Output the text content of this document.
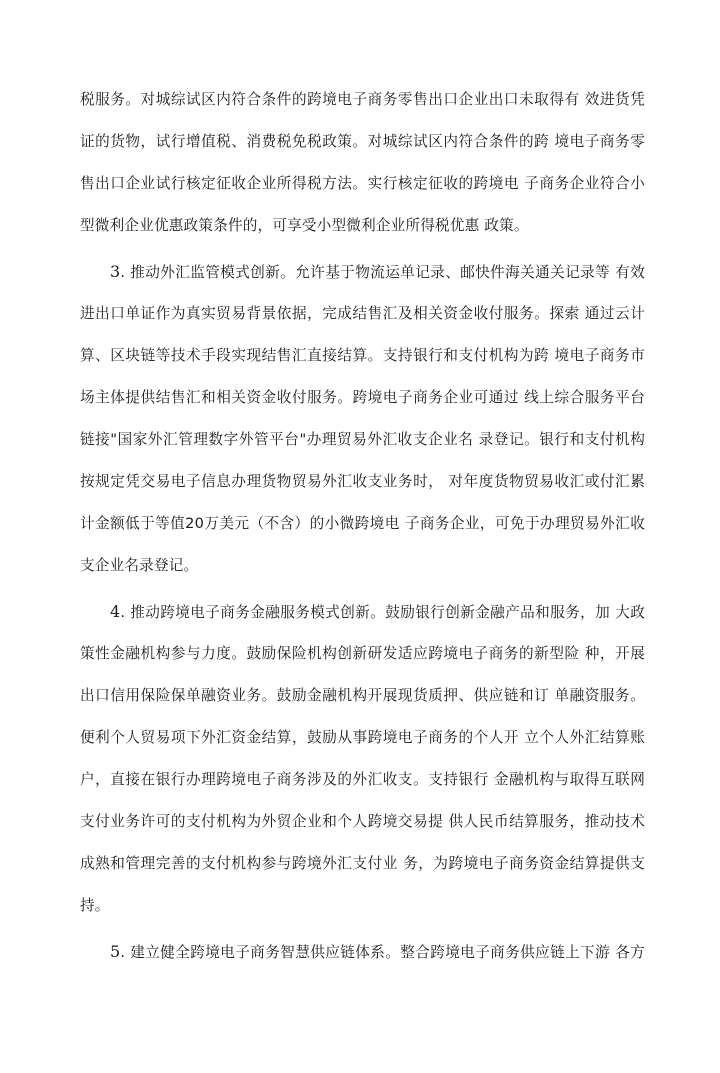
税服务。对城综试区内符合条件的跨境电子商务零售出口企业出口未取得有 效进货凭
证的货物，试行增值税、消费税免税政策。对城综试区内符合条件的跨 境电子商务零
售出口企业试行核定征收企业所得税方法。实行核定征收的跨境电 子商务企业符合小
型微利企业优惠政策条件的，可享受小型微利企业所得税优惠 政策。
3. 推动外汇监管模式创新。允许基于物流运单记录、邮快件海关通关记录等 有效
进出口单证作为真实贸易背景依据，完成结售汇及相关资金收付服务。探索 通过云计
算、区块链等技术手段实现结售汇直接结算。支持银行和支付机构为跨 境电子商务市
场主体提供结售汇和相关资金收付服务。跨境电子商务企业可通过 线上综合服务平台
链接"国家外汇管理数字外管平台"办理贸易外汇收支企业名 录登记。银行和支付机构
按规定凭交易电子信息办理货物贸易外汇收支业务时， 对年度货物贸易收汇或付汇累
计金额低于等值20万美元（不含）的小微跨境电 子商务企业，可免于办理贸易外汇收
支企业名录登记。
4. 推动跨境电子商务金融服务模式创新。鼓励银行创新金融产品和服务，加 大政
策性金融机构参与力度。鼓励保险机构创新研发适应跨境电子商务的新型险 种，开展
出口信用保险保单融资业务。鼓励金融机构开展现货质押、供应链和订 单融资服务。
便利个人贸易项下外汇资金结算，鼓励从事跨境电子商务的个人开 立个人外汇结算账
户，直接在银行办理跨境电子商务涉及的外汇收支。支持银行 金融机构与取得互联网
支付业务许可的支付机构为外贸企业和个人跨境交易提 供人民币结算服务，推动技术
成熟和管理完善的支付机构参与跨境外汇支付业 务，为跨境电子商务资金结算提供支
持。
5. 建立健全跨境电子商务智慧供应链体系。整合跨境电子商务供应链上下游 各方
